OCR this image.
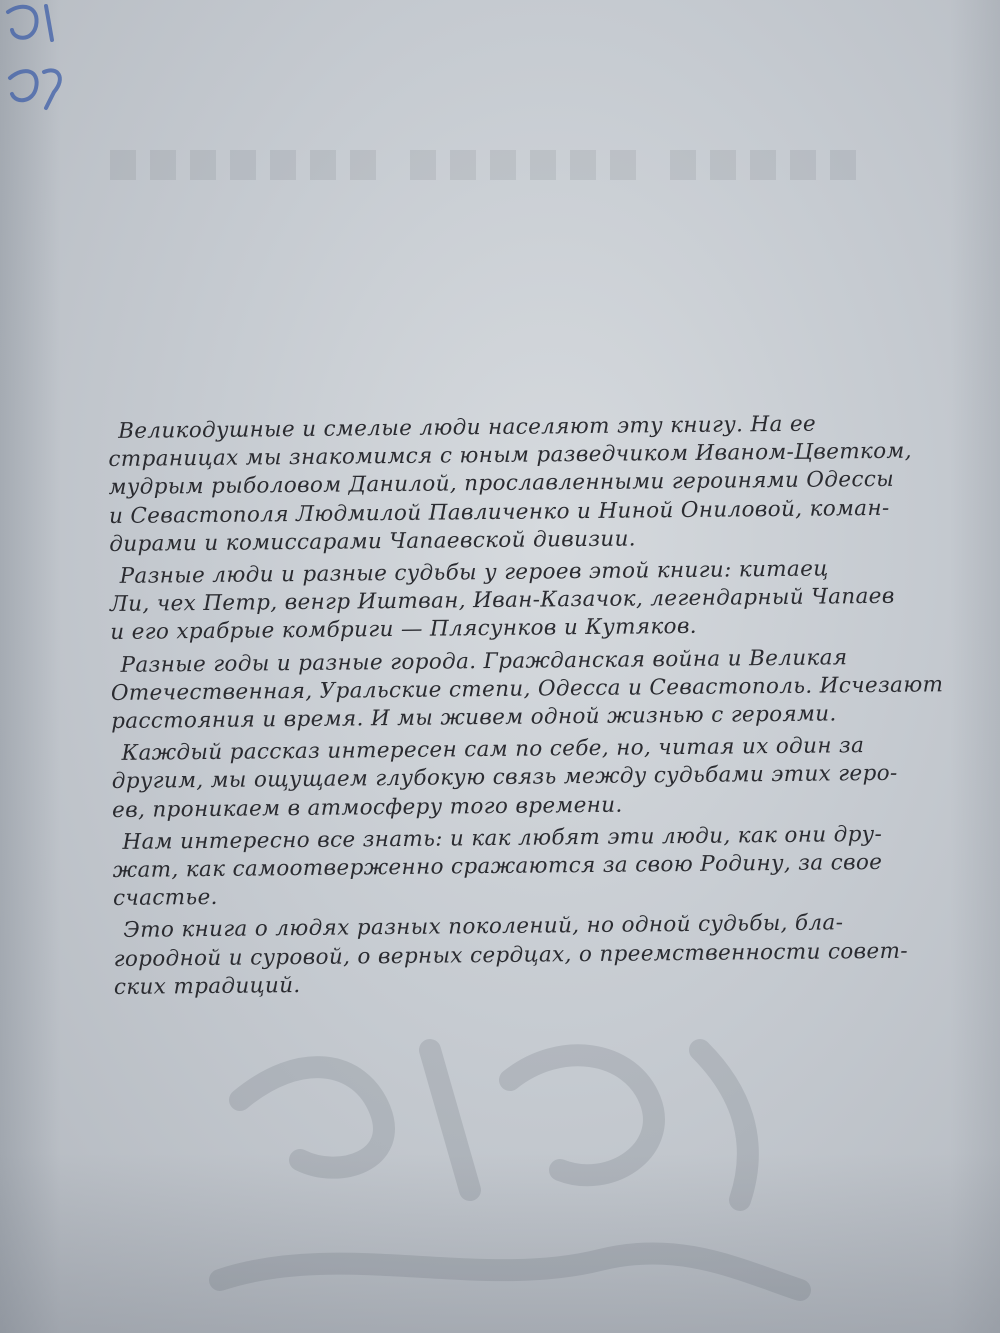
Великодушные и смелые люди населяют эту книгу. На ее
страницах мы знакомимся с юным разведчиком Иваном-Цветком,
мудрым рыболовом Данилой, прославленными героинями Одессы
и Севастополя Людмилой Павличенко и Ниной Ониловой, коман-
дирами и комиссарами Чапаевской дивизии.

Разные люди и разные судьбы у героев этой книги: китаец
Ли, чех Петр, венгр Иштван, Иван-Казачок, легендарный Чапаев
и его храбрые комбриги — Плясунков и Кутяков.

Разные годы и разные города. Гражданская война и Великая
Отечественная, Уральские степи, Одесса и Севастополь. Исчезают
расстояния и время. И мы живем одной жизнью с героями.

Каждый рассказ интересен сам по себе, но, читая их один за
другим, мы ощущаем глубокую связь между судьбами этих геро-
ев, проникаем в атмосферу того времени.

Нам интересно все знать: и как любят эти люди, как они дру-
жат, как самоотверженно сражаются за свою Родину, за свое
счастье.

Это книга о людях разных поколений, но одной судьбы, бла-
городной и суровой, о верных сердцах, о преемственности совет-
ских традиций.
